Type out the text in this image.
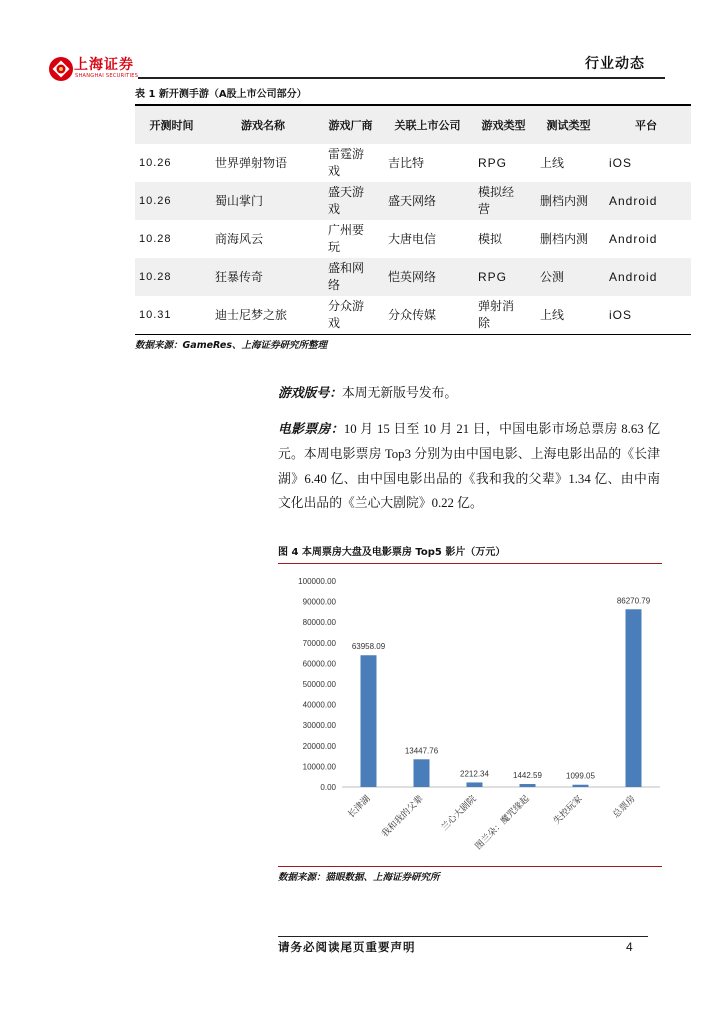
上海证券
SHANGHAI SECURITIES
行业动态
表 1 新开测手游（A股上市公司部分）
开测时间	游戏名称	游戏厂商	关联上市公司	游戏类型	测试类型	平台
10.26	世界弹射物语	雷霆游戏	吉比特	RPG	上线	iOS
10.26	蜀山掌门	盛天游戏	盛天网络	模拟经营	删档内测	Android
10.28	商海风云	广州要玩	大唐电信	模拟	删档内测	Android
10.28	狂暴传奇	盛和网络	恺英网络	RPG	公测	Android
10.31	迪士尼梦之旅	分众游戏	分众传媒	弹射消除	上线	iOS
数据来源：GameRes、上海证券研究所整理

游戏版号：本周无新版号发布。

电影票房：10 月 15 日至 10 月 21 日，中国电影市场总票房 8.63 亿元。本周电影票房 Top3 分别为由中国电影、上海电影出品的《长津湖》6.40 亿、由中国电影出品的《我和我的父辈》1.34 亿、由中南文化出品的《兰心大剧院》0.22 亿。

图 4 本周票房大盘及电影票房 Top5 影片（万元）
0.00
10000.00
20000.00
30000.00
40000.00
50000.00
60000.00
70000.00
80000.00
90000.00
100000.00
63958.09
长津湖
13447.76
我和我的父辈
2212.34
兰心大剧院
1442.59
图兰朵：魔咒缘起
1099.05
失控玩家
86270.79
总票房
数据来源：猫眼数据、上海证券研究所
请务必阅读尾页重要声明	4
